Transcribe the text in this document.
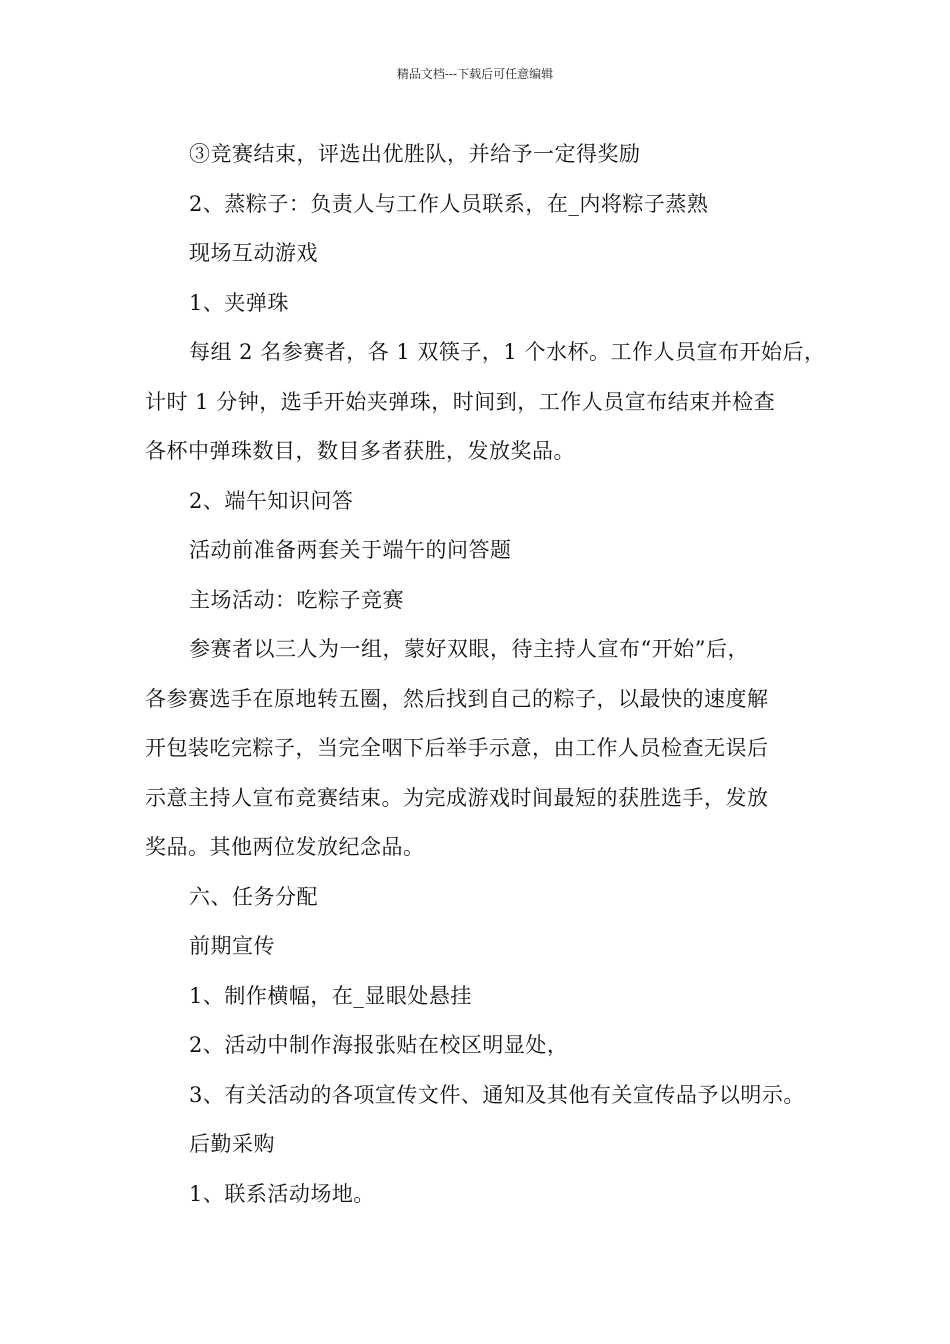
精品文档---下载后可任意编辑
③竞赛结束，评选出优胜队，并给予一定得奖励
2、蒸粽子：负责人与工作人员联系，在_内将粽子蒸熟
现场互动游戏
1、夹弹珠
每组 2 名参赛者，各 1 双筷子，1 个水杯。工作人员宣布开始后，
计时 1 分钟，选手开始夹弹珠，时间到，工作人员宣布结束并检查
各杯中弹珠数目，数目多者获胜，发放奖品。
2、端午知识问答
活动前准备两套关于端午的问答题
主场活动：吃粽子竞赛
参赛者以三人为一组，蒙好双眼，待主持人宣布“开始”后，
各参赛选手在原地转五圈，然后找到自己的粽子，以最快的速度解
开包装吃完粽子，当完全咽下后举手示意，由工作人员检查无误后
示意主持人宣布竞赛结束。为完成游戏时间最短的获胜选手，发放
奖品。其他两位发放纪念品。
六、任务分配
前期宣传
1、制作横幅，在_显眼处悬挂
2、活动中制作海报张贴在校区明显处，
3、有关活动的各项宣传文件、通知及其他有关宣传品予以明示。
后勤采购
1、联系活动场地。
